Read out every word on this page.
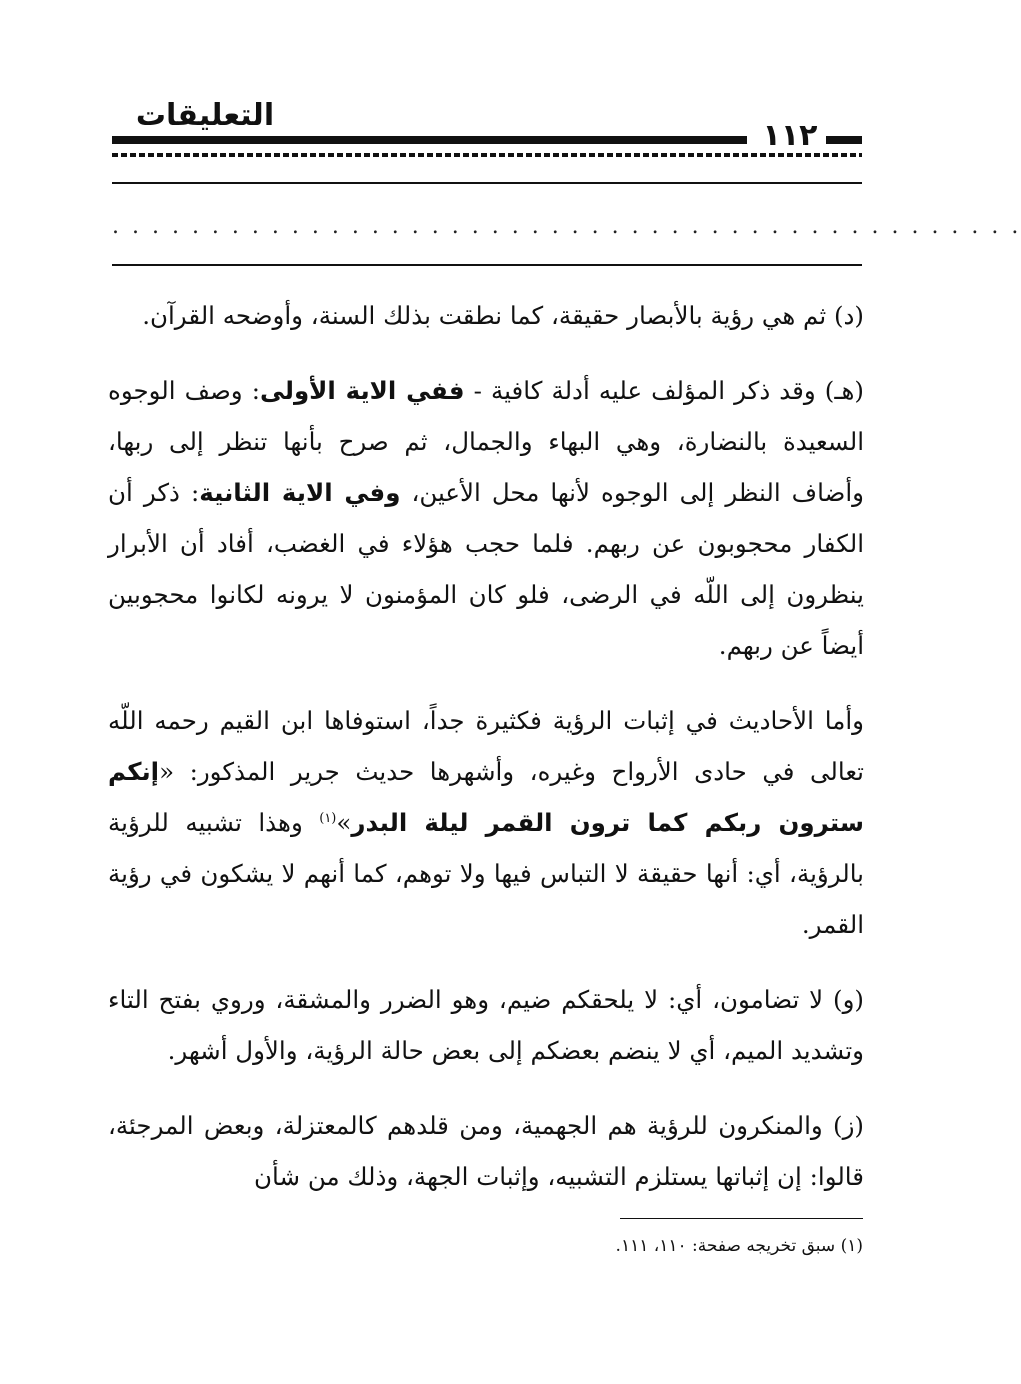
التعليقات
١١٢
. . . . . . . . . . . . . . . . . . . . . . . . . . . . . . . . . . . . . . . . . . . . . .

(د) ثم هي رؤية بالأبصار حقيقة، كما نطقت بذلك السنة، وأوضحه القرآن.

(هـ) وقد ذكر المؤلف عليه أدلة كافية - ففي الاية الأولى: وصف الوجوه السعيدة بالنضارة، وهي البهاء والجمال، ثم صرح بأنها تنظر إلى ربها، وأضاف النظر إلى الوجوه لأنها محل الأعين، وفي الاية الثانية: ذكر أن الكفار محجوبون عن ربهم. فلما حجب هؤلاء في الغضب، أفاد أن الأبرار ينظرون إلى اللّه في الرضى، فلو كان المؤمنون لا يرونه لكانوا محجوبين أيضاً عن ربهم.

وأما الأحاديث في إثبات الرؤية فكثيرة جداً، استوفاها ابن القيم رحمه اللّه تعالى في حادى الأرواح وغيره، وأشهرها حديث جرير المذكور: «إنكم سترون ربكم كما ترون القمر ليلة البدر»$^{(١)}$ وهذا تشبيه للرؤية بالرؤية، أي: أنها حقيقة لا التباس فيها ولا توهم، كما أنهم لا يشكون في رؤية القمر.

(و) لا تضامون، أي: لا يلحقكم ضيم، وهو الضرر والمشقة، وروي بفتح التاء وتشديد الميم، أي لا ينضم بعضكم إلى بعض حالة الرؤية، والأول أشهر.

(ز) والمنكرون للرؤية هم الجهمية، ومن قلدهم كالمعتزلة، وبعض المرجئة، قالوا: إن إثباتها يستلزم التشبيه، وإثبات الجهة، وذلك من شأن

(١) سبق تخريجه صفحة: ١١٠، ١١١.
